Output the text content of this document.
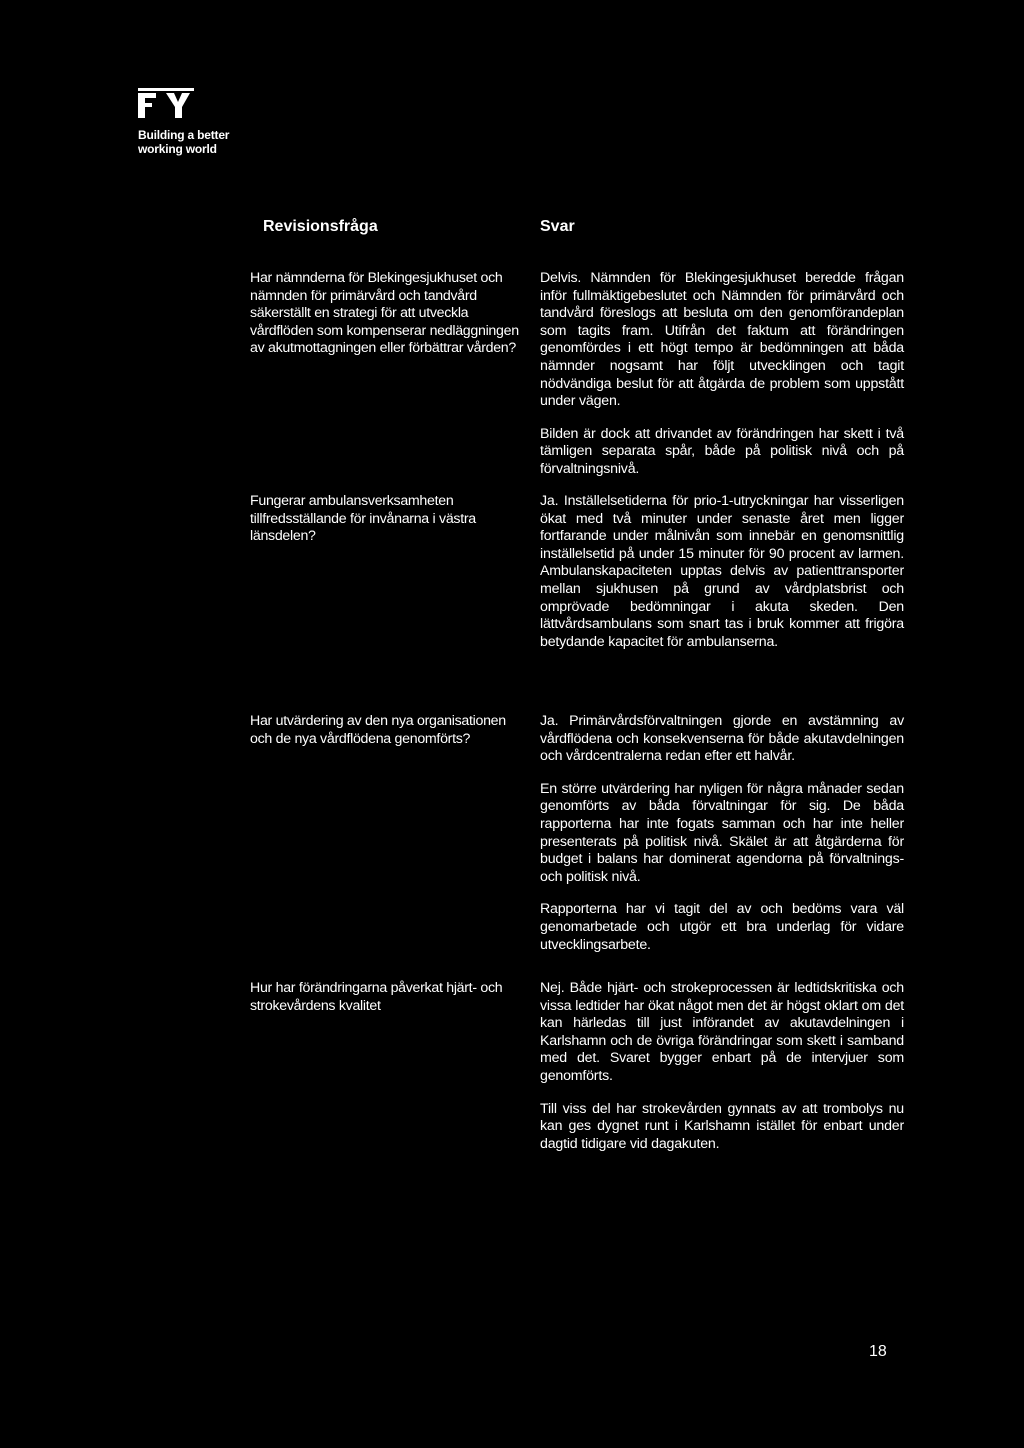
Building a better
working world
Revisionsfråga	Svar
Har nämnderna för Blekingesjukhuset och nämnden för primärvård och tandvård säkerställt en strategi för att utveckla vårdflöden som kompenserar nedläggningen av akutmottagningen eller förbättrar vården?

Delvis. Nämnden för Blekingesjukhuset beredde frågan inför fullmäktigebeslutet och Nämnden för primärvård och tandvård föreslogs att besluta om den genomförandeplan som tagits fram. Utifrån det faktum att förändringen genomfördes i ett högt tempo är bedömningen att båda nämnder nogsamt har följt utvecklingen och tagit nödvändiga beslut för att åtgärda de problem som uppstått under vägen.

Bilden är dock att drivandet av förändringen har skett i två tämligen separata spår, både på politisk nivå och på förvaltningsnivå.

Fungerar ambulansverksamheten tillfredsställande för invånarna i västra länsdelen?

Ja. Inställelsetiderna för prio-1-utryckningar har visserligen ökat med två minuter under senaste året men ligger fortfarande under målnivån som innebär en genomsnittlig inställelsetid på under 15 minuter för 90 procent av larmen. Ambulanskapaciteten upptas delvis av patienttransporter mellan sjukhusen på grund av vårdplatsbrist och omprövade bedömningar i akuta skeden. Den lättvårdsambulans som snart tas i bruk kommer att frigöra betydande kapacitet för ambulanserna.

Har utvärdering av den nya organisationen och de nya vårdflödena genomförts?

Ja. Primärvårdsförvaltningen gjorde en avstämning av vårdflödena och konsekvenserna för både akutavdelningen och vårdcentralerna redan efter ett halvår.

En större utvärdering har nyligen för några månader sedan genomförts av båda förvaltningar för sig. De båda rapporterna har inte fogats samman och har inte heller presenterats på politisk nivå. Skälet är att åtgärderna för budget i balans har dominerat agendorna på förvaltnings- och politisk nivå.

Rapporterna har vi tagit del av och bedöms vara väl genomarbetade och utgör ett bra underlag för vidare utvecklingsarbete.

Hur har förändringarna påverkat hjärt- och strokevårdens kvalitet

Nej. Både hjärt- och strokeprocessen är ledtidskritiska och vissa ledtider har ökat något men det är högst oklart om det kan härledas till just införandet av akutavdelningen i Karlshamn och de övriga förändringar som skett i samband med det. Svaret bygger enbart på de intervjuer som genomförts.

Till viss del har strokevården gynnats av att trombolys nu kan ges dygnet runt i Karlshamn istället för enbart under dagtid tidigare vid dagakuten.

18
